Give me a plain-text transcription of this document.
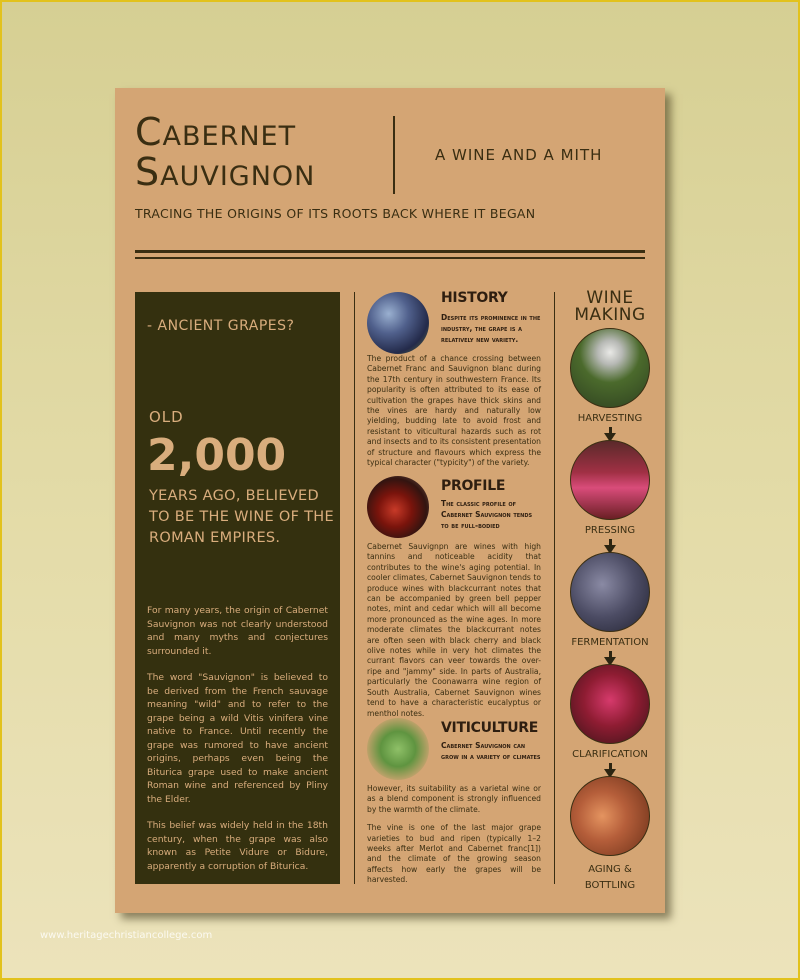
Cabernet
Sauvignon	A WINE AND A MITH
TRACING THE ORIGINS OF ITS ROOTS BACK WHERE IT BEGAN
- ANCIENT GRAPES?
OLD
2,000
YEARS AGO, BELIEVED TO BE THE WINE OF THE ROMAN EMPIRES.

For many years, the origin of Cabernet Sauvignon was not clearly understood and many myths and conjectures surrounded it.

The word "Sauvignon" is believed to be derived from the French sauvage meaning "wild" and to refer to the grape being a wild Vitis vinifera vine native to France. Until recently the grape was rumored to have ancient origins, perhaps even being the Biturica grape used to make ancient Roman wine and referenced by Pliny the Elder.

This belief was widely held in the 18th century, when the grape was also known as Petite Vidure or Bidure, apparently a corruption of Biturica.

HISTORY
Despite its prominence in the industry, the grape is a relatively new variety.
The product of a chance crossing between Cabernet Franc and Sauvignon blanc during the 17th century in southwestern France. Its popularity is often attributed to its ease of cultivation the grapes have thick skins and the vines are hardy and naturally low yielding, budding late to avoid frost and resistant to viticultural hazards such as rot and insects and to its consistent presentation of structure and flavours which express the typical character ("typicity") of the variety.
PROFILE
The classic profile of Cabernet Sauvignon tends to be full-bodied
Cabernet Sauvignpn are wines with high tannins and noticeable acidity that contributes to the wine's aging potential. In cooler climates, Cabernet Sauvignon tends to produce wines with blackcurrant notes that can be accompanied by green bell pepper notes, mint and cedar which will all become more pronounced as the wine ages. In more moderate climates the blackcurrant notes are often seen with black cherry and black olive notes while in very hot climates the currant flavors can veer towards the over-ripe and "jammy" side. In parts of Australia, particularly the Coonawarra wine region of South Australia, Cabernet Sauvignon wines tend to have a characteristic eucalyptus or menthol notes.
VITICULTURE
Cabernet Sauvignon can grow in a variety of climates

However, its suitability as a varietal wine or as a blend component is strongly influenced by the warmth of the climate.

The vine is one of the last major grape varieties to bud and ripen (typically 1–2 weeks after Merlot and Cabernet franc[1]) and the climate of the growing season affects how early the grapes will be harvested.

WINE
MAKING
HARVESTING
PRESSING
FERMENTATION
CLARIFICATION
AGING &
BOTTLING
www.heritagechristiancollege.com
